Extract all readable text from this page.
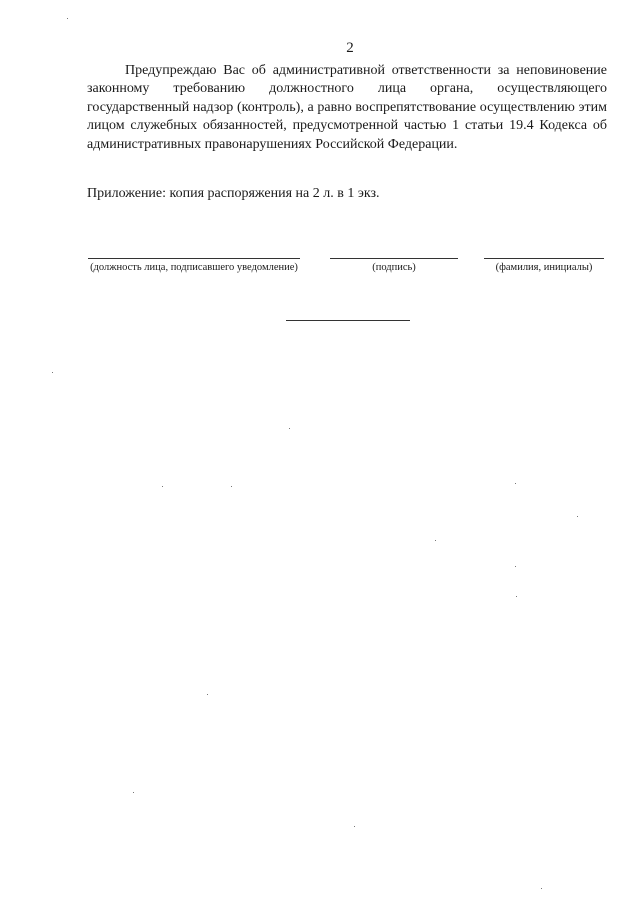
2

Предупреждаю Вас об административной ответственности за неповиновение законному требованию должностного лица органа, осуществляющего государственный надзор (контроль), а равно воспрепятствование осуществлению этим лицом служебных обязанностей, предусмотренной частью 1 статьи 19.4 Кодекса об административных правонарушениях Российской Федерации.

Приложение: копия распоряжения на 2 л. в 1 экз.

(должность лица, подписавшего уведомление)	(подпись)	(фамилия, инициалы)
